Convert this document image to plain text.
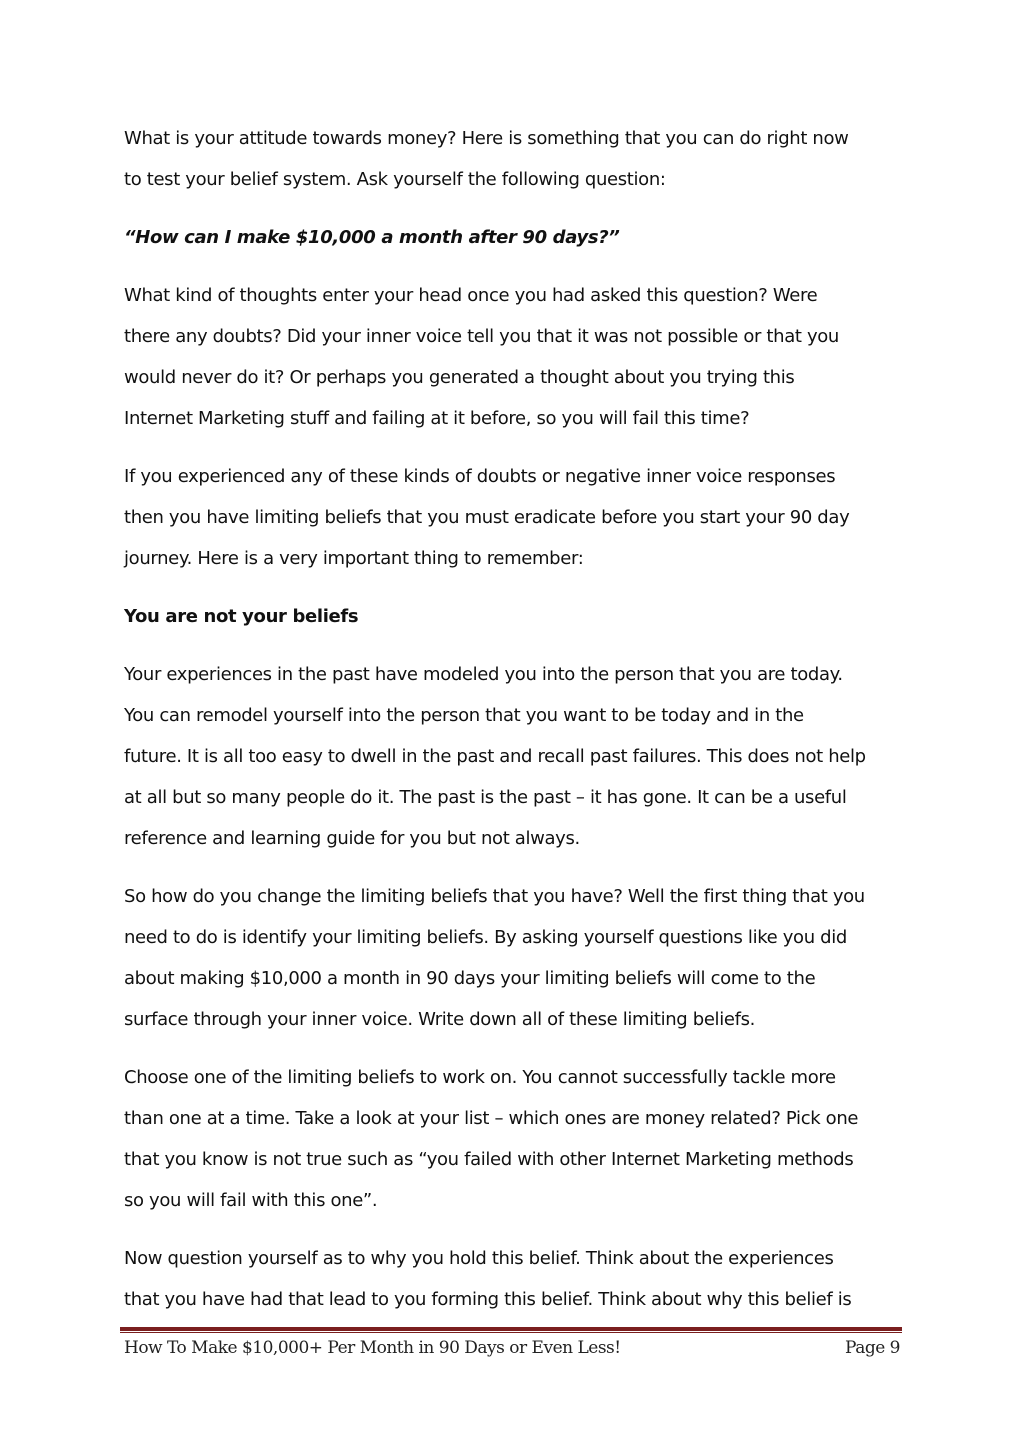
What is your attitude towards money? Here is something that you can do right now
to test your belief system. Ask yourself the following question:

“How can I make $10,000 a month after 90 days?”

What kind of thoughts enter your head once you had asked this question? Were
there any doubts? Did your inner voice tell you that it was not possible or that you
would never do it? Or perhaps you generated a thought about you trying this
Internet Marketing stuff and failing at it before, so you will fail this time?

If you experienced any of these kinds of doubts or negative inner voice responses
then you have limiting beliefs that you must eradicate before you start your 90 day
journey. Here is a very important thing to remember:

You are not your beliefs

Your experiences in the past have modeled you into the person that you are today.
You can remodel yourself into the person that you want to be today and in the
future. It is all too easy to dwell in the past and recall past failures. This does not help
at all but so many people do it. The past is the past – it has gone. It can be a useful
reference and learning guide for you but not always.

So how do you change the limiting beliefs that you have? Well the first thing that you
need to do is identify your limiting beliefs. By asking yourself questions like you did
about making $10,000 a month in 90 days your limiting beliefs will come to the
surface through your inner voice. Write down all of these limiting beliefs.

Choose one of the limiting beliefs to work on. You cannot successfully tackle more
than one at a time. Take a look at your list – which ones are money related? Pick one
that you know is not true such as “you failed with other Internet Marketing methods
so you will fail with this one”.

Now question yourself as to why you hold this belief. Think about the experiences
that you have had that lead to you forming this belief. Think about why this belief is

How To Make $10,000+ Per Month in 90 Days or Even Less!	Page 9
